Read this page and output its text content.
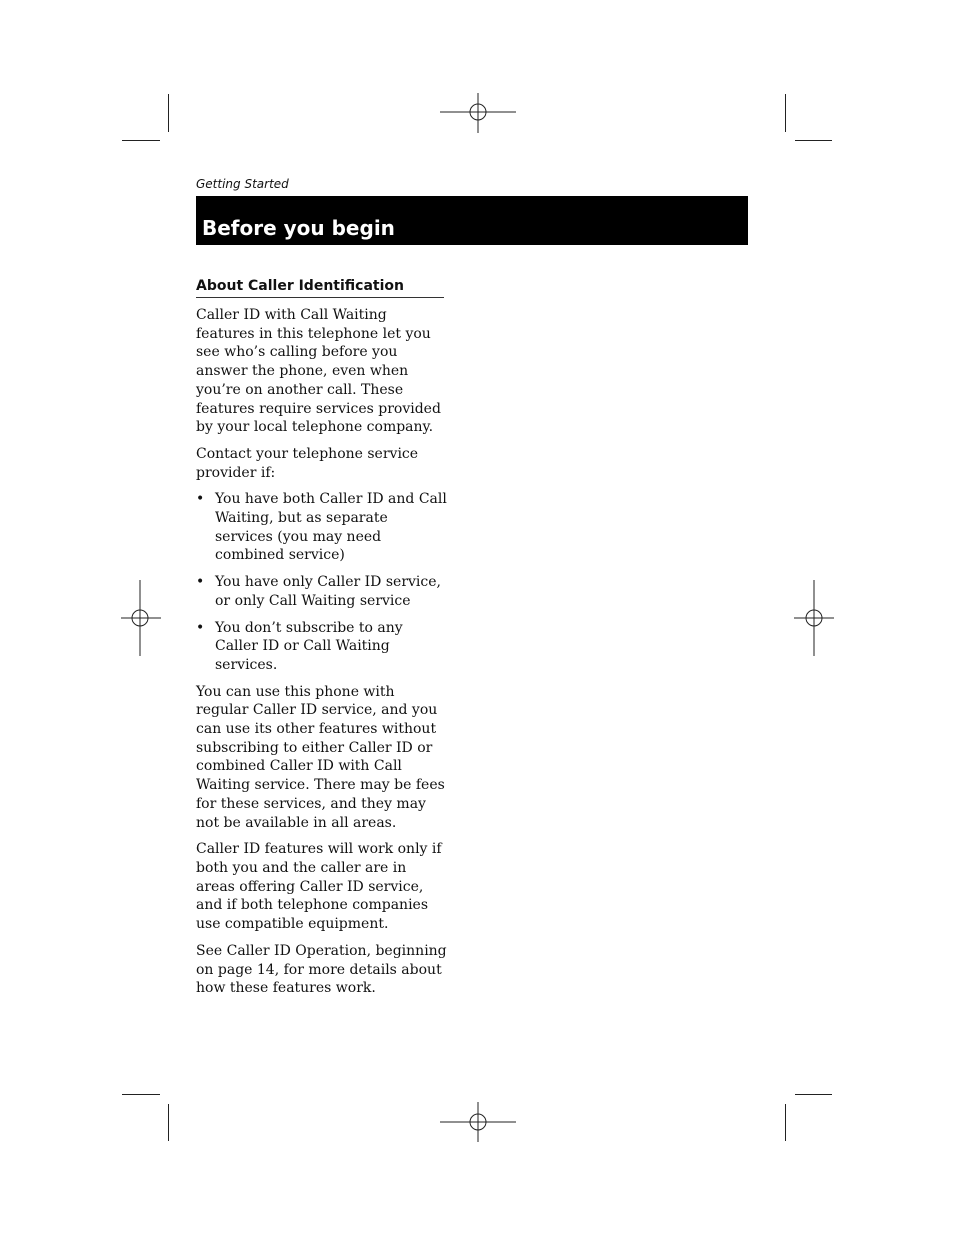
Getting Started
Before you begin
About Caller Identification

Caller ID with Call Waiting features in this telephone let you see who’s calling before you answer the phone, even when you’re on another call. These features require services provided by your local telephone company.

Contact your telephone service provider if:

• You have both Caller ID and Call Waiting, but as separate services (you may need combined service)
• You have only Caller ID service, or only Call Waiting service
• You don’t subscribe to any Caller ID or Call Waiting services.

You can use this phone with regular Caller ID service, and you can use its other features without subscribing to either Caller ID or combined Caller ID with Call Waiting service. There may be fees for these services, and they may not be available in all areas.

Caller ID features will work only if both you and the caller are in areas offering Caller ID service, and if both telephone companies use compatible equipment.

See Caller ID Operation, beginning on page 14, for more details about how these features work.
